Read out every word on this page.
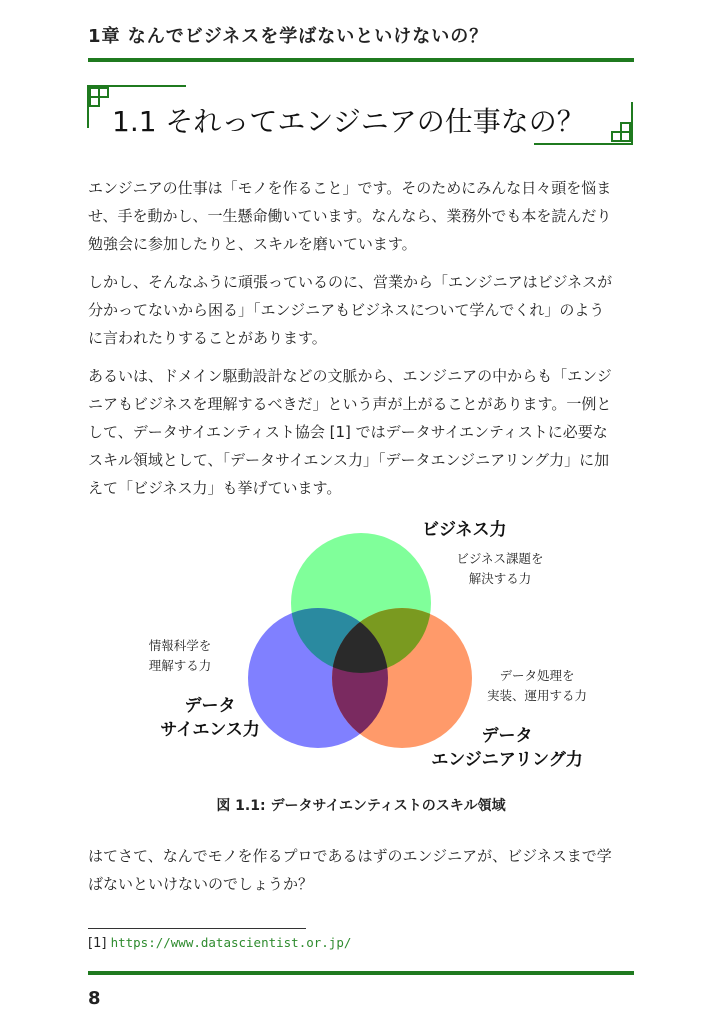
1章 なんでビジネスを学ばないといけないの？
1.1 それってエンジニアの仕事なの？

エンジニアの仕事は「モノを作ること」です。そのためにみんな日々頭を悩ま
せ、手を動かし、一生懸命働いています。なんなら、業務外でも本を読んだり
勉強会に参加したりと、スキルを磨いています。

しかし、そんなふうに頑張っているのに、営業から「エンジニアはビジネスが
分かってないから困る」「エンジニアもビジネスについて学んでくれ」のよう
に言われたりすることがあります。

あるいは、ドメイン駆動設計などの文脈から、エンジニアの中からも「エンジ
ニアもビジネスを理解するべきだ」という声が上がることがあります。一例と
して、データサイエンティスト協会 [1] ではデータサイエンティストに必要な
スキル領域として、「データサイエンス力」「データエンジニアリング力」に加
えて「ビジネス力」も挙げています。

ビジネス力
ビジネス課題を
解決する力
情報科学を
理解する力
データ
サイエンス力
データ処理を
実装、運用する力
データ
エンジニアリング力
図 1.1: データサイエンティストのスキル領域

はてさて、なんでモノを作るプロであるはずのエンジニアが、ビジネスまで学
ばないといけないのでしょうか？

[1] https://www.datascientist.or.jp/
8
